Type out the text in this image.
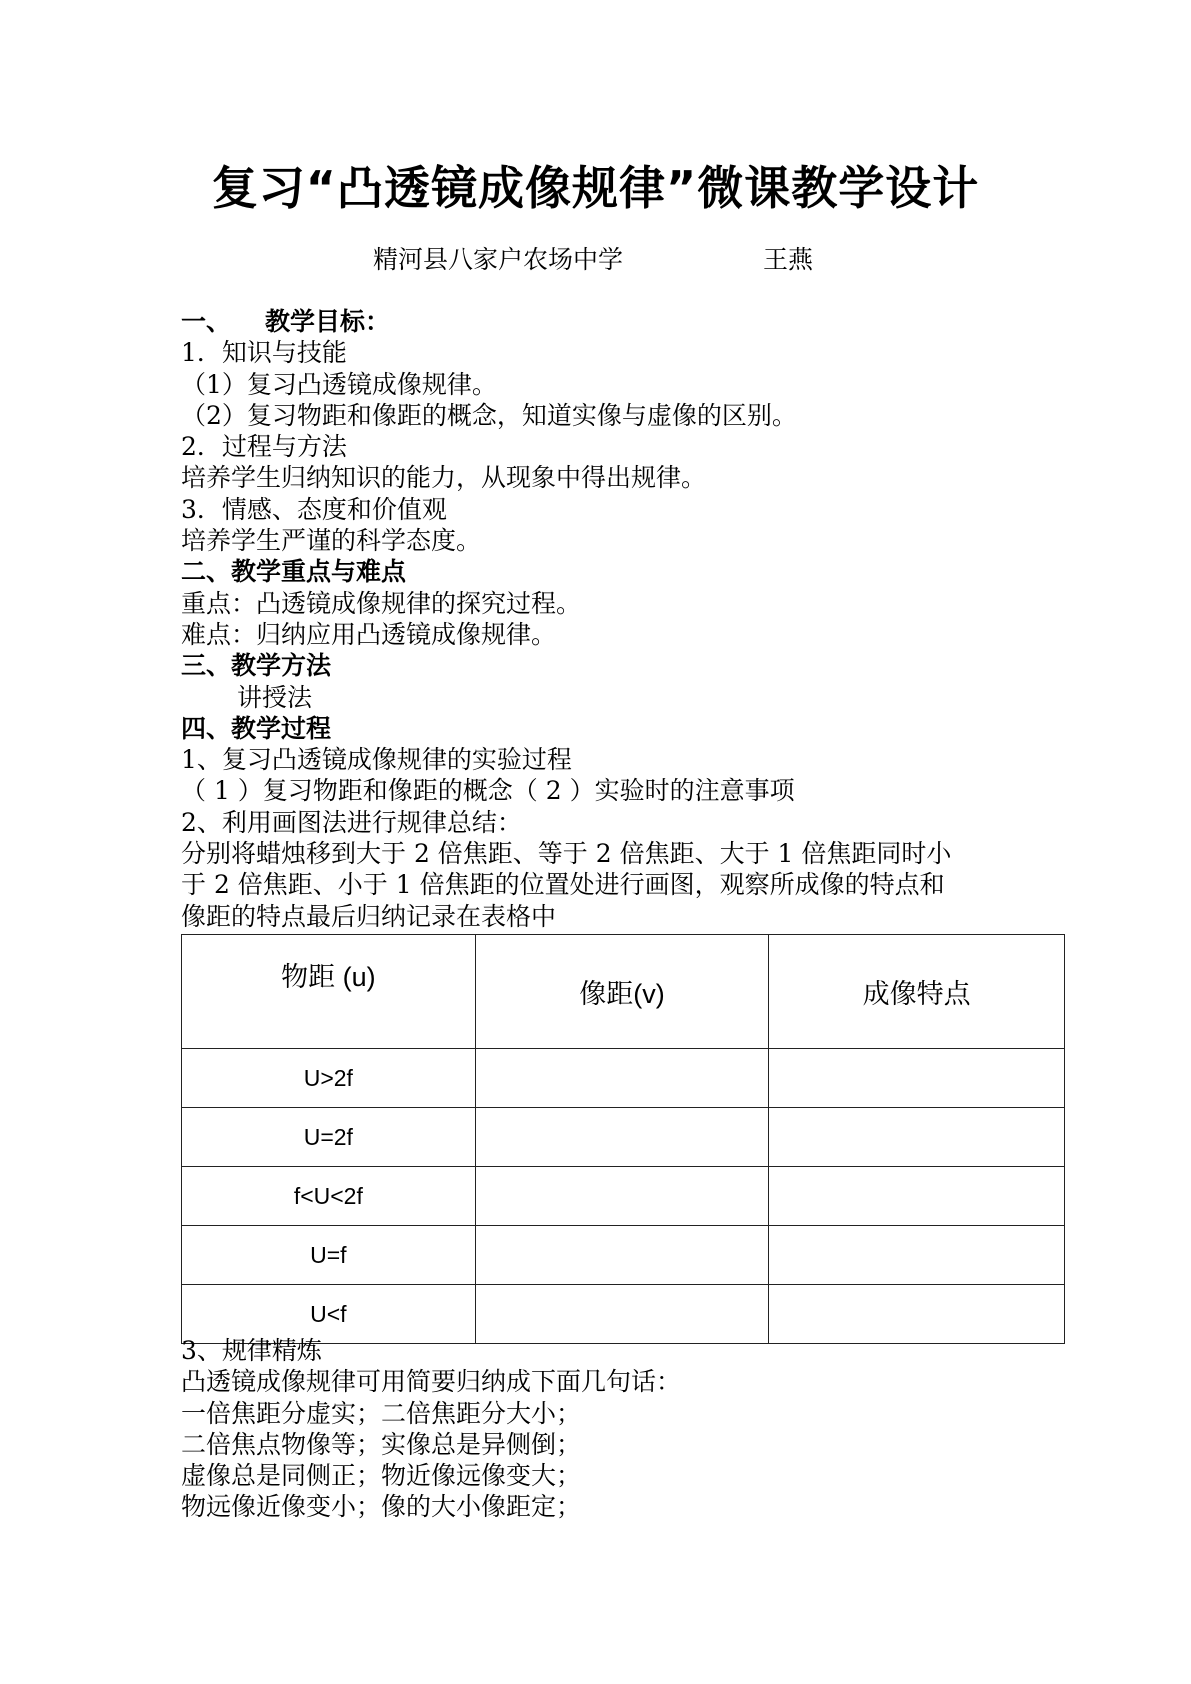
复习“凸透镜成像规律”微课教学设计
精河县八家户农场中学	王燕
一、 教学目标：
1．知识与技能
（1）复习凸透镜成像规律。
（2）复习物距和像距的概念，知道实像与虚像的区别。
2．过程与方法
培养学生归纳知识的能力，从现象中得出规律。
3．情感、态度和价值观
培养学生严谨的科学态度。
二、教学重点与难点
重点：凸透镜成像规律的探究过程。
难点：归纳应用凸透镜成像规律。
三、教学方法
讲授法
四、教学过程
1、复习凸透镜成像规律的实验过程
（ 1 ）复习物距和像距的概念（ 2 ）实验时的注意事项
2、利用画图法进行规律总结：
分别将蜡烛移到大于 2 倍焦距、等于 2 倍焦距、大于 1 倍焦距同时小
于 2 倍焦距、小于 1 倍焦距的位置处进行画图，观察所成像的特点和
像距的特点最后归纳记录在表格中
物距 (u)	像距(v)	成像特点
U>2f		
U=2f		
f<U<2f		
U=f		
U<f		
3、规律精炼
凸透镜成像规律可用简要归纳成下面几句话：
一倍焦距分虚实；二倍焦距分大小；
二倍焦点物像等；实像总是异侧倒；
虚像总是同侧正；物近像远像变大；
物远像近像变小；像的大小像距定；
